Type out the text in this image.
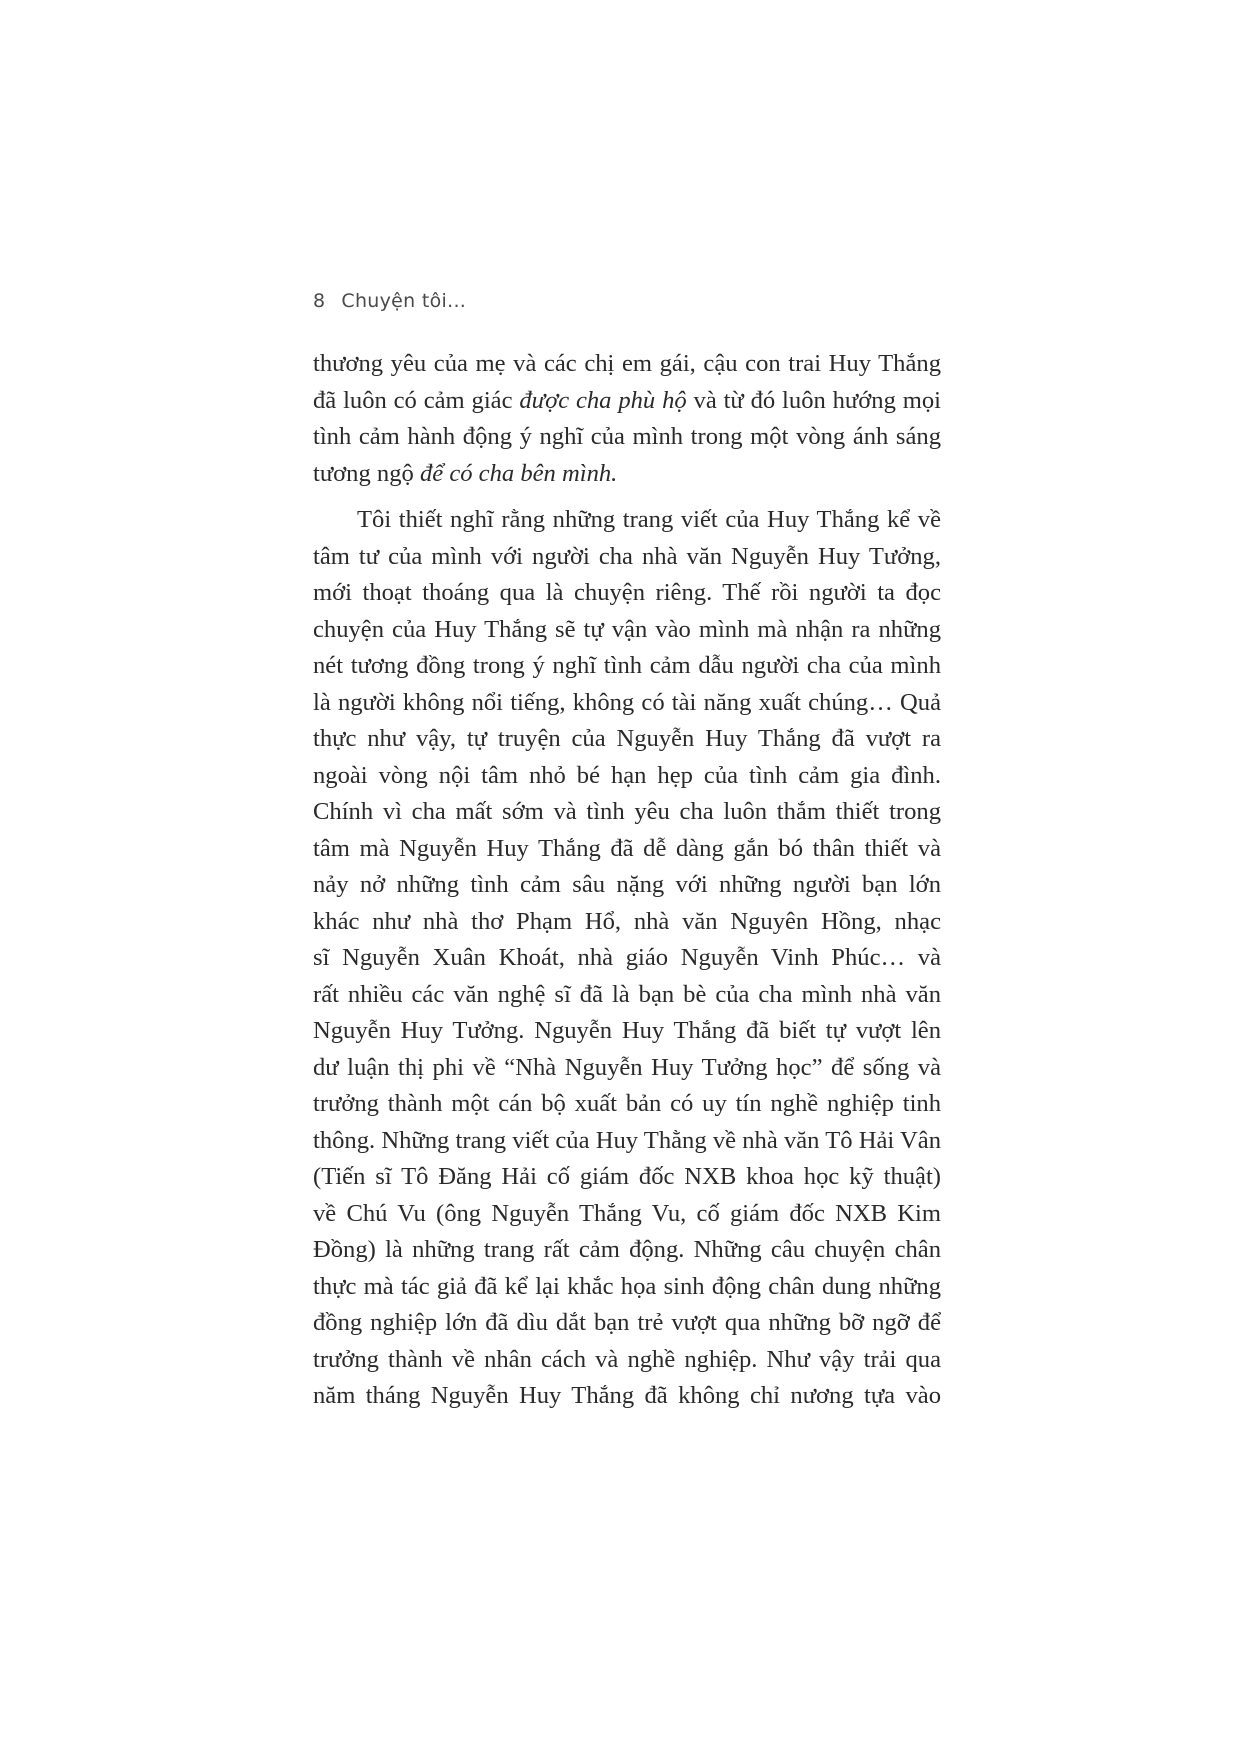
8 Chuyện tôi...
thương yêu của mẹ và các chị em gái, cậu con trai Huy Thắng
đã luôn có cảm giác được cha phù hộ và từ đó luôn hướng mọi
tình cảm hành động ý nghĩ của mình trong một vòng ánh sáng
tương ngộ để có cha bên mình.
Tôi thiết nghĩ rằng những trang viết của Huy Thắng kể về
tâm tư của mình với người cha nhà văn Nguyễn Huy Tưởng,
mới thoạt thoáng qua là chuyện riêng. Thế rồi người ta đọc
chuyện của Huy Thắng sẽ tự vận vào mình mà nhận ra những
nét tương đồng trong ý nghĩ tình cảm dẫu người cha của mình
là người không nổi tiếng, không có tài năng xuất chúng… Quả
thực như vậy, tự truyện của Nguyễn Huy Thắng đã vượt ra
ngoài vòng nội tâm nhỏ bé hạn hẹp của tình cảm gia đình.
Chính vì cha mất sớm và tình yêu cha luôn thắm thiết trong
tâm mà Nguyễn Huy Thắng đã dễ dàng gắn bó thân thiết và
nảy nở những tình cảm sâu nặng với những người bạn lớn
khác như nhà thơ Phạm Hổ, nhà văn Nguyên Hồng, nhạc
sĩ Nguyễn Xuân Khoát, nhà giáo Nguyễn Vinh Phúc… và
rất nhiều các văn nghệ sĩ đã là bạn bè của cha mình nhà văn
Nguyễn Huy Tưởng. Nguyễn Huy Thắng đã biết tự vượt lên
dư luận thị phi về “Nhà Nguyễn Huy Tưởng học” để sống và
trưởng thành một cán bộ xuất bản có uy tín nghề nghiệp tinh
thông. Những trang viết của Huy Thằng về nhà văn Tô Hải Vân
(Tiến sĩ Tô Đăng Hải cố giám đốc NXB khoa học kỹ thuật)
về Chú Vu (ông Nguyễn Thắng Vu, cố giám đốc NXB Kim
Đồng) là những trang rất cảm động. Những câu chuyện chân
thực mà tác giả đã kể lại khắc họa sinh động chân dung những
đồng nghiệp lớn đã dìu dắt bạn trẻ vượt qua những bỡ ngỡ để
trưởng thành về nhân cách và nghề nghiệp. Như vậy trải qua
năm tháng Nguyễn Huy Thắng đã không chỉ nương tựa vào
